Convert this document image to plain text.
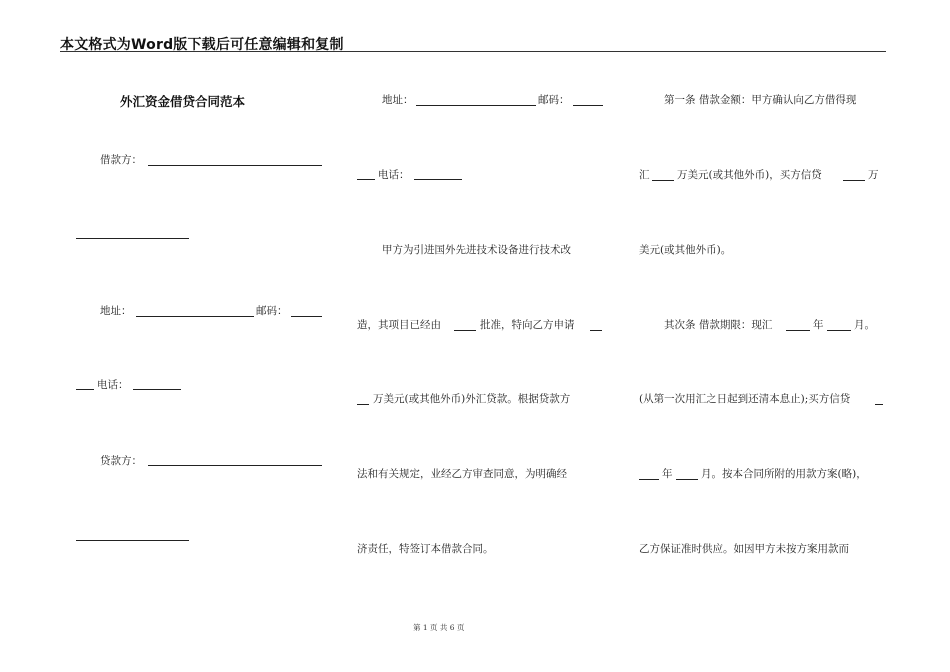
本文格式为Word版下载后可任意编辑和复制
外汇资金借贷合同范本
借款方：
地址：	邮码：
电话：
贷款方：
地址：	邮码：
电话：
甲方为引进国外先进技术设备进行技术改
造，其项目已经由	批准，特向乙方申请
万美元(或其他外币)外汇贷款。根据贷款方
法和有关规定，业经乙方审查同意，为明确经
济责任，特签订本借款合同。
第一条 借款金额：甲方确认向乙方借得现
汇	万美元(或其他外币)，买方信贷	万
美元(或其他外币)。
其次条 借款期限：现汇	年	月。
(从第一次用汇之日起到还清本息止);买方信贷
年	月。按本合同所附的用款方案(略)，
乙方保证准时供应。如因甲方未按方案用款而
第 1 页 共 6 页
